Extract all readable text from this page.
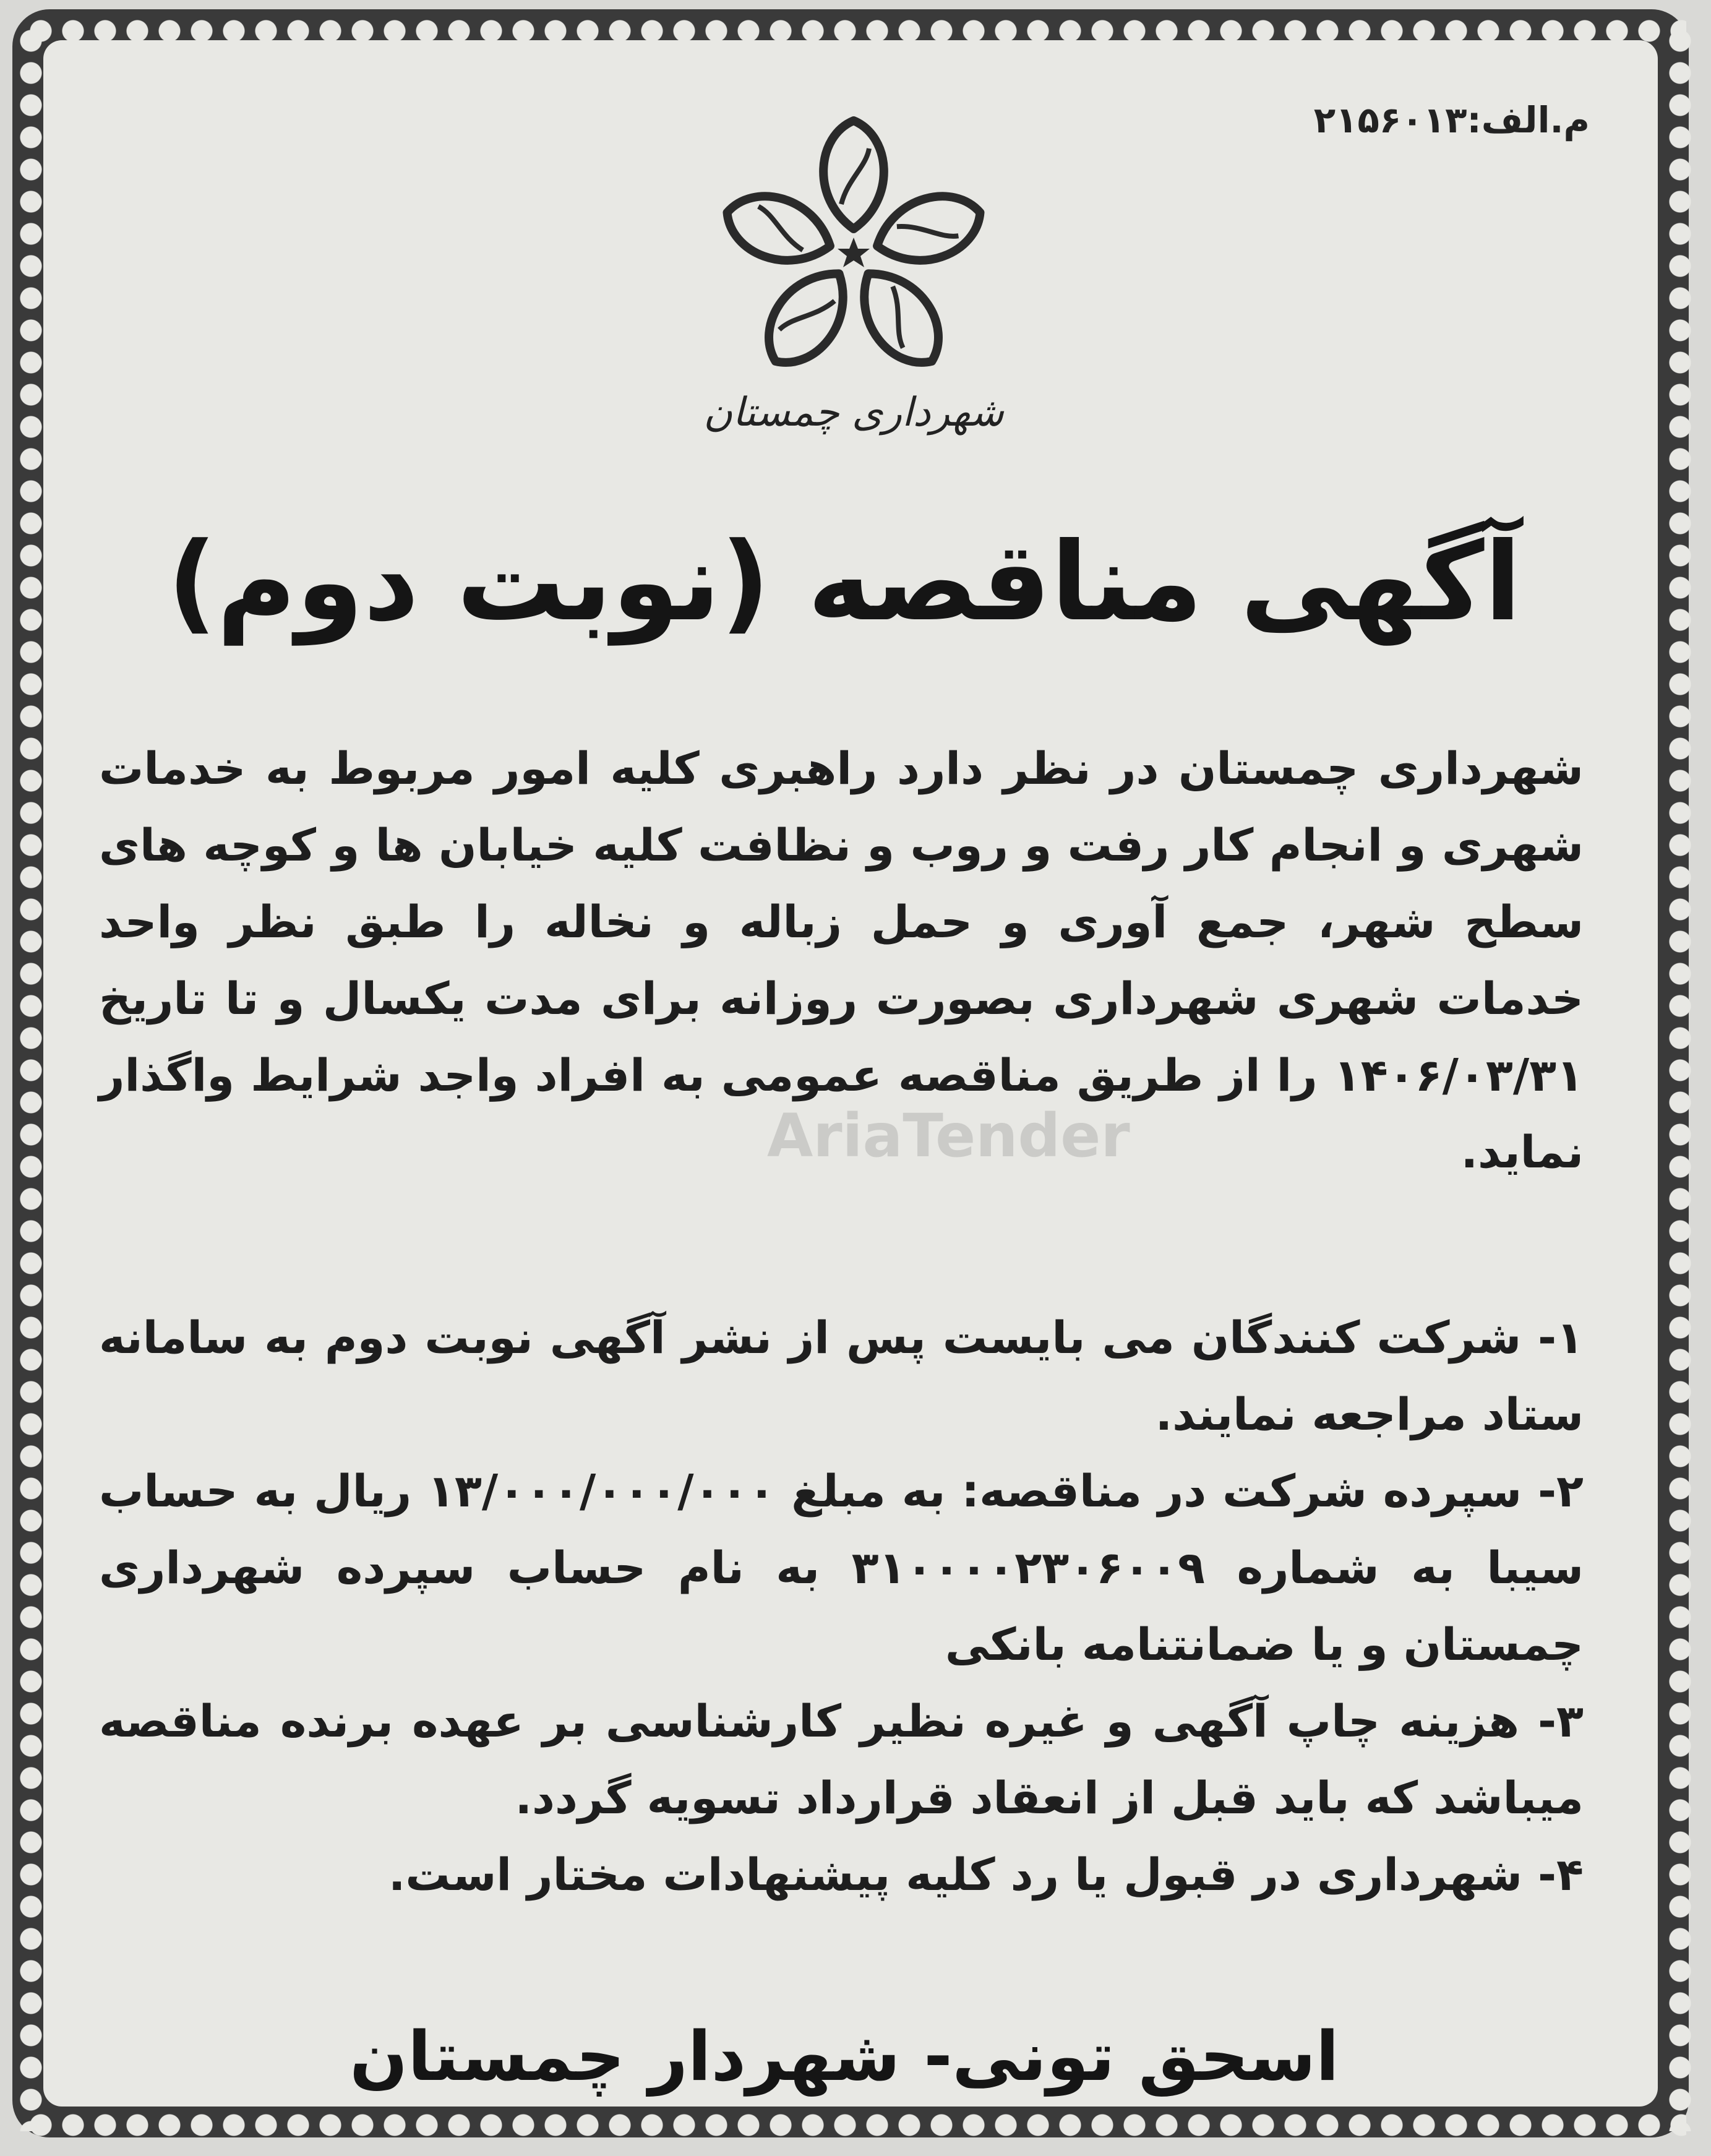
م.الف:۲۱۵۶۰۱۳
شهرداری چمستان
آگهی مناقصه (نوبت دوم)
شهرداری چمستان در نظر دارد راهبری کلیه امور مربوط به خدمات شهری و انجام کار رفت و روب و نظافت کلیه خیابان ها و کوچه های سطح شهر، جمع آوری و حمل زباله و نخاله را طبق نظر واحد خدمات شهری شهرداری بصورت روزانه برای مدت یکسال و تا تاریخ ۱۴۰۶/۰۳/۳۱ را از طریق مناقصه عمومی به افراد واجد شرایط واگذار نماید.
AriaTender

۱- شرکت کنندگان می بایست پس از نشر آگهی نوبت دوم به سامانه ستاد مراجعه نمایند.

۲- سپرده شرکت در مناقصه: به مبلغ ۱۳/۰۰۰/۰۰۰/۰۰۰ ریال به حساب سیبا به شماره ۳۱۰۰۰۰۲۳۰۶۰۰۹ به نام حساب سپرده شهرداری چمستان و یا ضمانتنامه بانکی

۳- هزینه چاپ آگهی و غیره نظیر کارشناسی بر عهده برنده مناقصه میباشد که باید قبل از انعقاد قرارداد تسویه گردد.

۴- شهرداری در قبول یا رد کلیه پیشنهادات مختار است.

اسحق تونی- شهردار چمستان
